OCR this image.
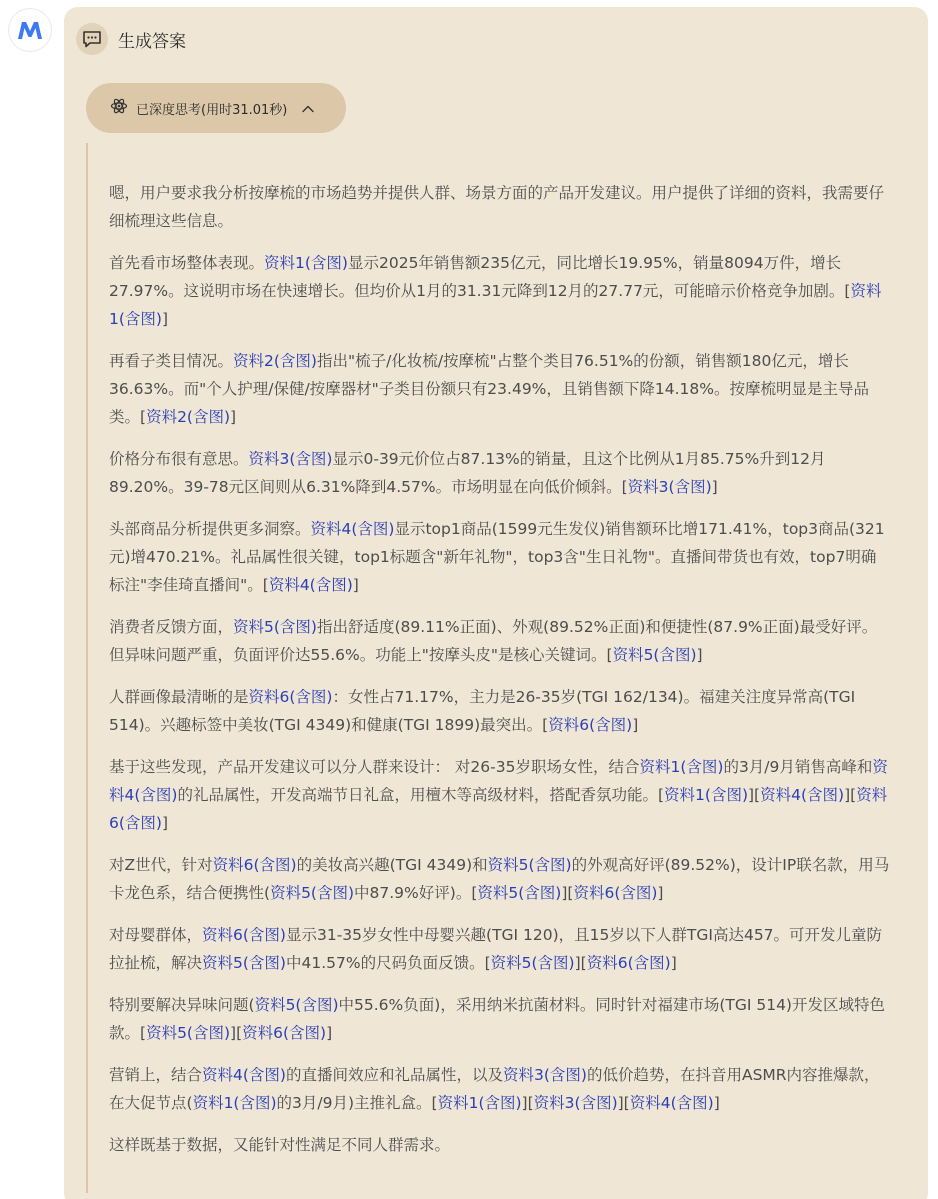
生成答案
已深度思考(用时31.01秒)

嗯，用户要求我分析按摩梳的市场趋势并提供人群、场景方面的产品开发建议。用户提供了详细的资料，我需要仔细梳理这些信息。

首先看市场整体表现。资料1(含图)显示2025年销售额235亿元，同比增长19.95%，销量8094万件，增长27.97%。这说明市场在快速增长。但均价从1月的31.31元降到12月的27.77元，可能暗示价格竞争加剧。[资料1(含图)]

再看子类目情况。资料2(含图)指出"梳子/化妆梳/按摩梳"占整个类目76.51%的份额，销售额180亿元，增长36.63%。而"个人护理/保健/按摩器材"子类目份额只有23.49%，且销售额下降14.18%。按摩梳明显是主导品类。[资料2(含图)]

价格分布很有意思。资料3(含图)显示0-39元价位占87.13%的销量，且这个比例从1月85.75%升到12月89.20%。39-78元区间则从6.31%降到4.57%。市场明显在向低价倾斜。[资料3(含图)]

头部商品分析提供更多洞察。资料4(含图)显示top1商品(1599元生发仪)销售额环比增171.41%，top3商品(321元)增470.21%。礼品属性很关键，top1标题含"新年礼物"，top3含"生日礼物"。直播间带货也有效，top7明确标注"李佳琦直播间"。[资料4(含图)]

消费者反馈方面，资料5(含图)指出舒适度(89.11%正面)、外观(89.52%正面)和便捷性(87.9%正面)最受好评。但异味问题严重，负面评价达55.6%。功能上"按摩头皮"是核心关键词。[资料5(含图)]

人群画像最清晰的是资料6(含图)：女性占71.17%，主力是26-35岁(TGI 162/134)。福建关注度异常高(TGI 514)。兴趣标签中美妆(TGI 4349)和健康(TGI 1899)最突出。[资料6(含图)]

基于这些发现，产品开发建议可以分人群来设计： 对26-35岁职场女性，结合资料1(含图)的3月/9月销售高峰和资料4(含图)的礼品属性，开发高端节日礼盒，用檀木等高级材料，搭配香氛功能。[资料1(含图)][资料4(含图)][资料6(含图)]

对Z世代，针对资料6(含图)的美妆高兴趣(TGI 4349)和资料5(含图)的外观高好评(89.52%)，设计IP联名款，用马卡龙色系，结合便携性(资料5(含图)中87.9%好评)。[资料5(含图)][资料6(含图)]

对母婴群体，资料6(含图)显示31-35岁女性中母婴兴趣(TGI 120)，且15岁以下人群TGI高达457。可开发儿童防拉扯梳，解决资料5(含图)中41.57%的尺码负面反馈。[资料5(含图)][资料6(含图)]

特别要解决异味问题(资料5(含图)中55.6%负面)，采用纳米抗菌材料。同时针对福建市场(TGI 514)开发区域特色款。[资料5(含图)][资料6(含图)]

营销上，结合资料4(含图)的直播间效应和礼品属性，以及资料3(含图)的低价趋势，在抖音用ASMR内容推爆款，在大促节点(资料1(含图)的3月/9月)主推礼盒。[资料1(含图)][资料3(含图)][资料4(含图)]

这样既基于数据，又能针对性满足不同人群需求。
